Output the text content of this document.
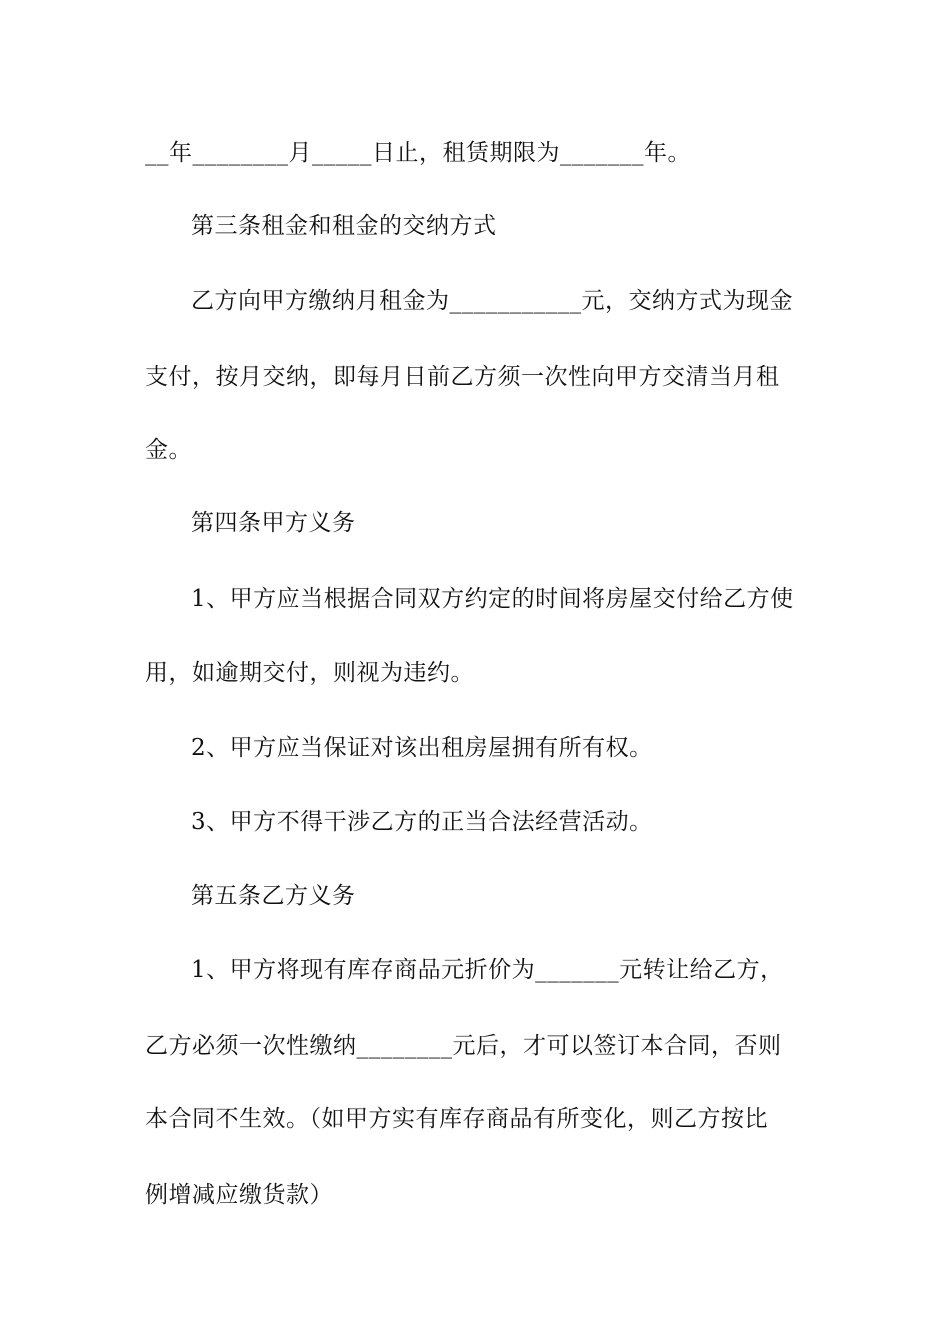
__年________月_____日止，租赁期限为_______年。
第三条租金和租金的交纳方式
乙方向甲方缴纳月租金为___________元，交纳方式为现金
支付，按月交纳，即每月日前乙方须一次性向甲方交清当月租
金。
第四条甲方义务
1、甲方应当根据合同双方约定的时间将房屋交付给乙方使
用，如逾期交付，则视为违约。
2、甲方应当保证对该出租房屋拥有所有权。
3、甲方不得干涉乙方的正当合法经营活动。
第五条乙方义务
1、甲方将现有库存商品元折价为_______元转让给乙方，
乙方必须一次性缴纳________元后，才可以签订本合同，否则
本合同不生效。（如甲方实有库存商品有所变化，则乙方按比
例增减应缴货款）
